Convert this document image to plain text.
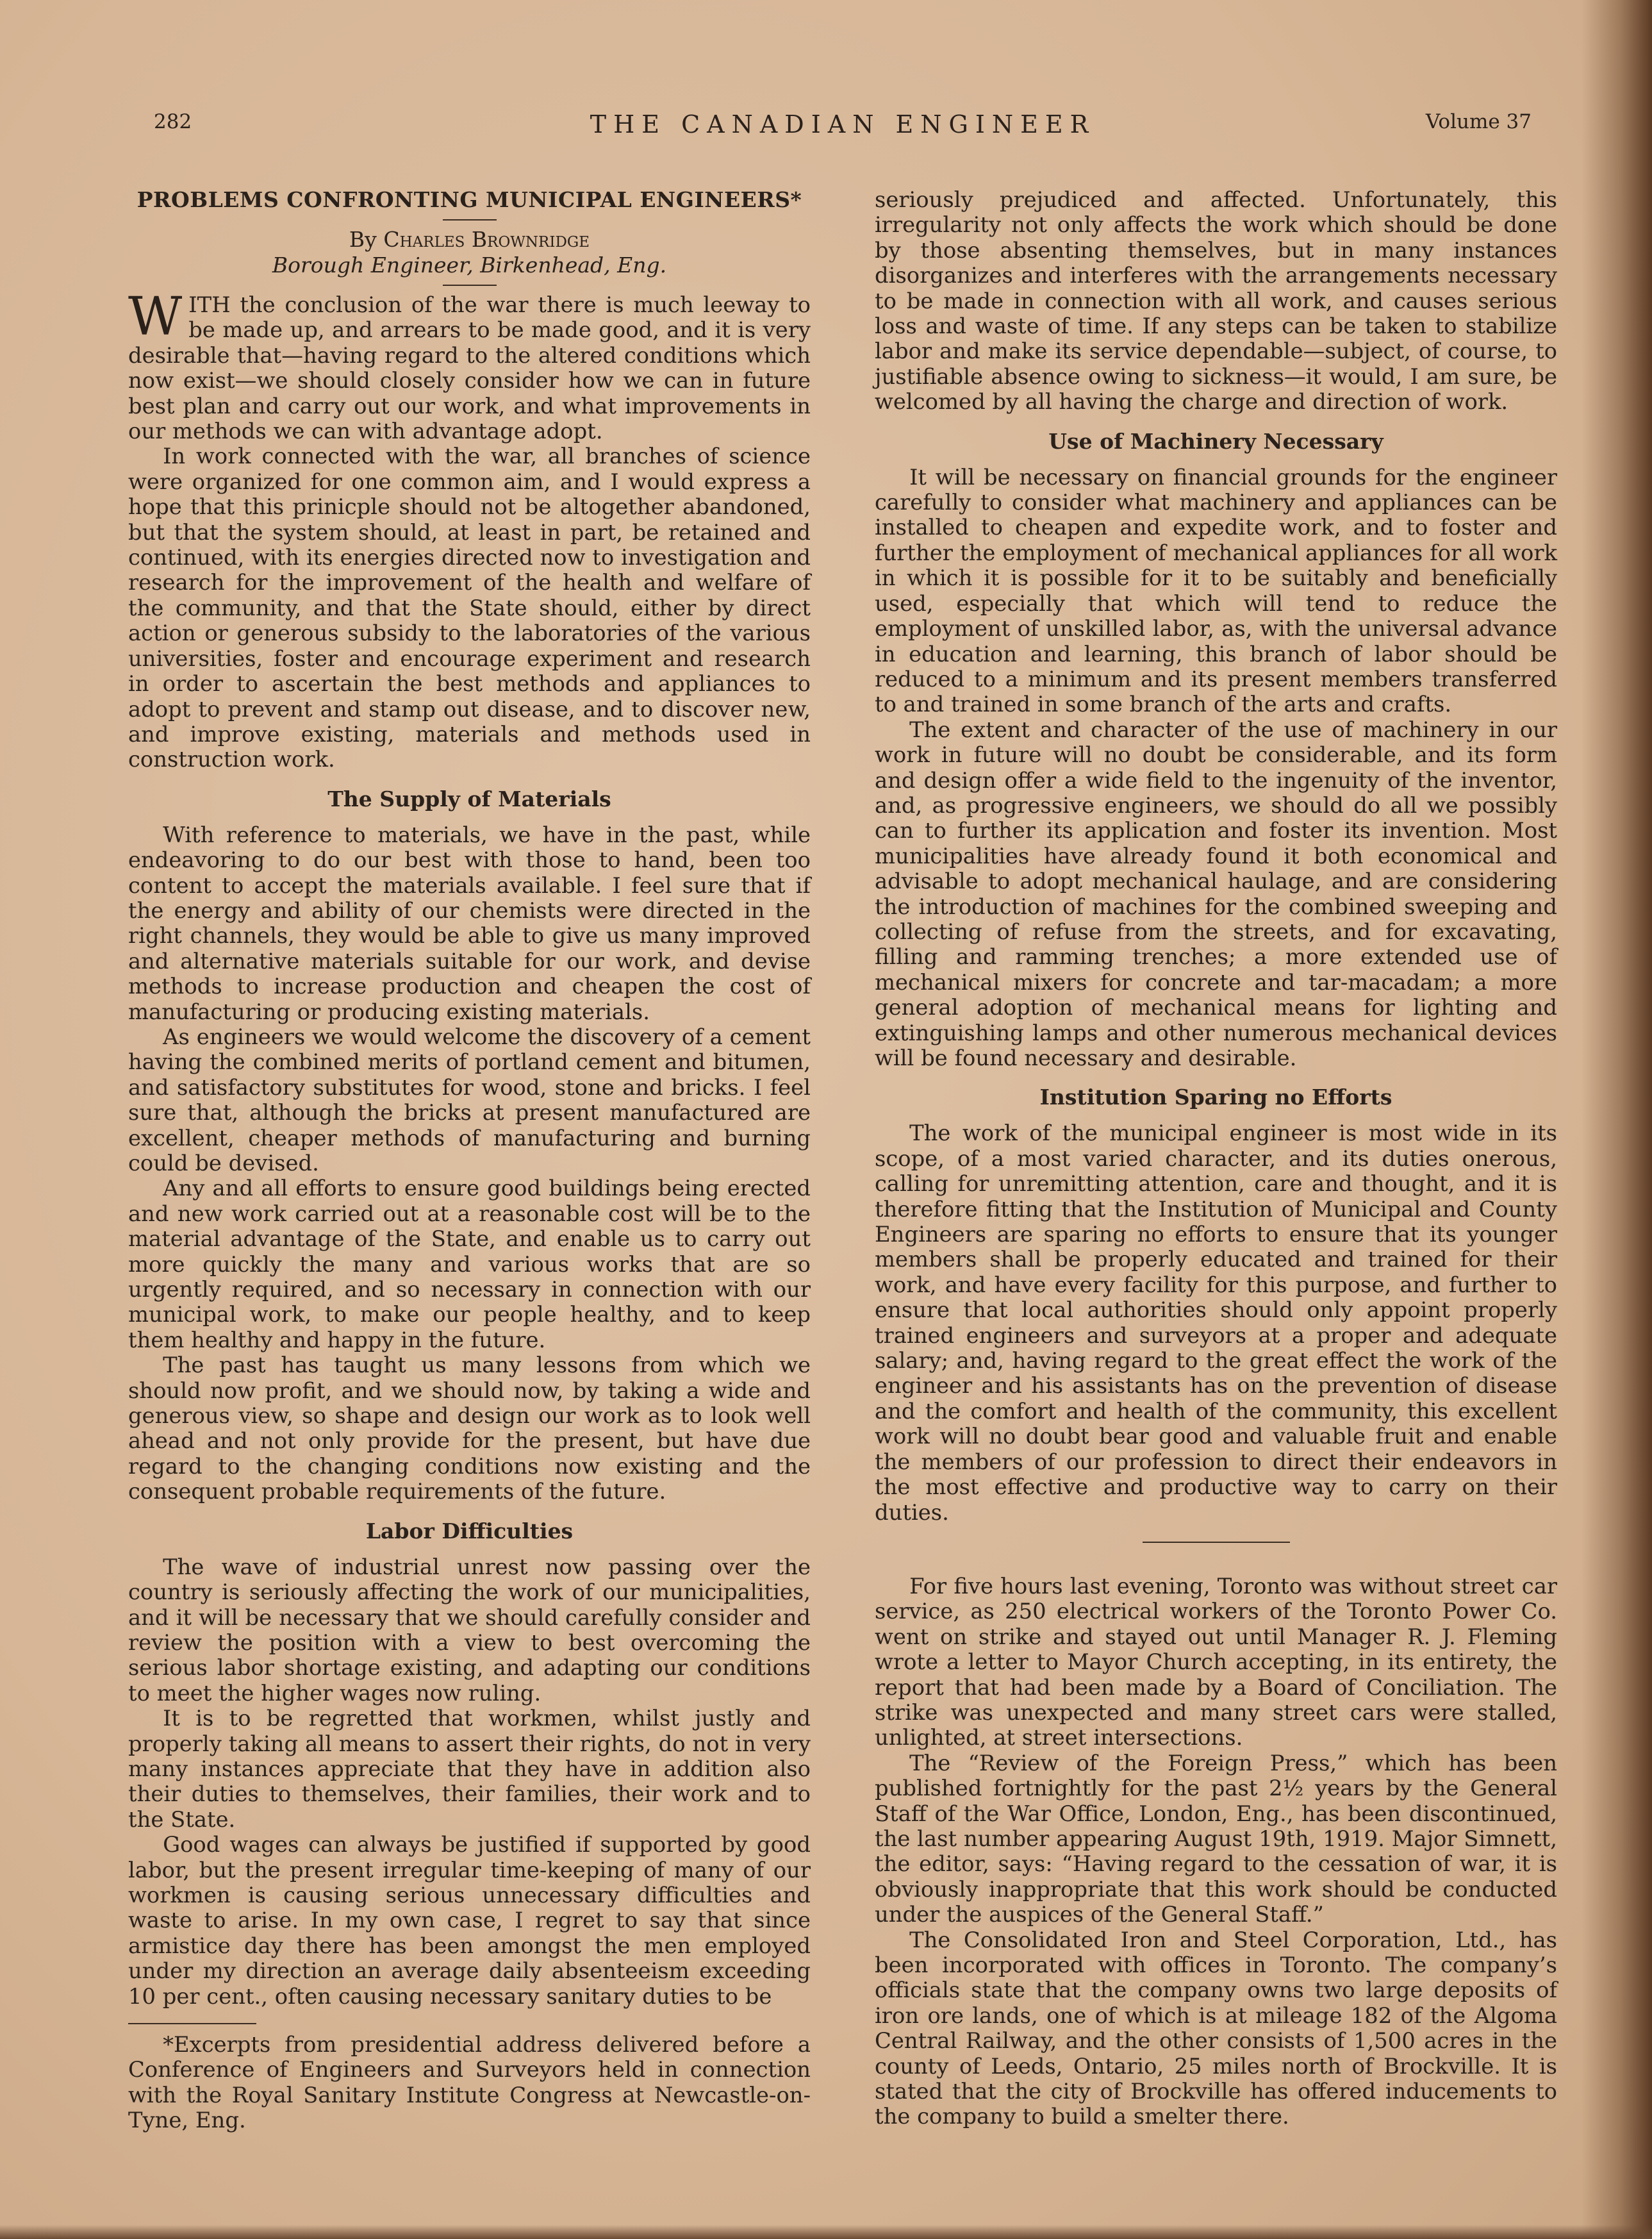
282	THE CANADIAN ENGINEER	Volume 37
PROBLEMS CONFRONTING MUNICIPAL ENGINEERS*
By Charles Brownridge
Borough Engineer, Birkenhead, Eng.

WITH the conclusion of the war there is much leeway to be made up, and arrears to be made good, and it is very desirable that—having regard to the altered conditions which now exist—we should closely consider how we can in future best plan and carry out our work, and what improvements in our methods we can with advantage adopt.

In work connected with the war, all branches of science were organized for one common aim, and I would express a hope that this prinicple should not be altogether abandoned, but that the system should, at least in part, be retained and continued, with its energies directed now to investigation and research for the improvement of the health and welfare of the community, and that the State should, either by direct action or generous subsidy to the laboratories of the various universities, foster and encourage experiment and research in order to ascertain the best methods and appliances to adopt to prevent and stamp out disease, and to discover new, and improve existing, materials and methods used in construction work.

The Supply of Materials

With reference to materials, we have in the past, while endeavoring to do our best with those to hand, been too content to accept the materials available. I feel sure that if the energy and ability of our chemists were directed in the right channels, they would be able to give us many improved and alternative materials suitable for our work, and devise methods to increase production and cheapen the cost of manufacturing or producing existing materials.

As engineers we would welcome the discovery of a cement having the combined merits of portland cement and bitumen, and satisfactory substitutes for wood, stone and bricks. I feel sure that, although the bricks at present manufactured are excellent, cheaper methods of manufacturing and burning could be devised.

Any and all efforts to ensure good buildings being erected and new work carried out at a reasonable cost will be to the material advantage of the State, and enable us to carry out more quickly the many and various works that are so urgently required, and so necessary in connection with our municipal work, to make our people healthy, and to keep them healthy and happy in the future.

The past has taught us many lessons from which we should now profit, and we should now, by taking a wide and generous view, so shape and design our work as to look well ahead and not only provide for the present, but have due regard to the changing conditions now existing and the consequent probable requirements of the future.

Labor Difficulties

The wave of industrial unrest now passing over the country is seriously affecting the work of our municipalities, and it will be necessary that we should carefully consider and review the position with a view to best overcoming the serious labor shortage existing, and adapting our conditions to meet the higher wages now ruling.

It is to be regretted that workmen, whilst justly and properly taking all means to assert their rights, do not in very many instances appreciate that they have in addition also their duties to themselves, their families, their work and to the State.

Good wages can always be justified if supported by good labor, but the present irregular time-keeping of many of our workmen is causing serious unnecessary difficulties and waste to arise. In my own case, I regret to say that since armistice day there has been amongst the men employed under my direction an average daily absenteeism exceeding 10 per cent., often causing necessary sanitary duties to be

*Excerpts from presidential address delivered before a Conference of Engineers and Surveyors held in connection with the Royal Sanitary Institute Congress at Newcastle-on-Tyne, Eng.

seriously prejudiced and affected. Unfortunately, this irregularity not only affects the work which should be done by those absenting themselves, but in many instances disorganizes and interferes with the arrangements necessary to be made in connection with all work, and causes serious loss and waste of time. If any steps can be taken to stabilize labor and make its service dependable—subject, of course, to justifiable absence owing to sickness—it would, I am sure, be welcomed by all having the charge and direction of work.

Use of Machinery Necessary

It will be necessary on financial grounds for the engineer carefully to consider what machinery and appliances can be installed to cheapen and expedite work, and to foster and further the employment of mechanical appliances for all work in which it is possible for it to be suitably and beneficially used, especially that which will tend to reduce the employment of unskilled labor, as, with the universal advance in education and learning, this branch of labor should be reduced to a minimum and its present members transferred to and trained in some branch of the arts and crafts.

The extent and character of the use of machinery in our work in future will no doubt be considerable, and its form and design offer a wide field to the ingenuity of the inventor, and, as progressive engineers, we should do all we possibly can to further its application and foster its invention. Most municipalities have already found it both economical and advisable to adopt mechanical haulage, and are considering the introduction of machines for the combined sweeping and collecting of refuse from the streets, and for excavating, filling and ramming trenches; a more extended use of mechanical mixers for concrete and tar-macadam; a more general adoption of mechanical means for lighting and extinguishing lamps and other numerous mechanical devices will be found necessary and desirable.

Institution Sparing no Efforts

The work of the municipal engineer is most wide in its scope, of a most varied character, and its duties onerous, calling for unremitting attention, care and thought, and it is therefore fitting that the Institution of Municipal and County Engineers are sparing no efforts to ensure that its younger members shall be properly educated and trained for their work, and have every facility for this purpose, and further to ensure that local authorities should only appoint properly trained engineers and surveyors at a proper and adequate salary; and, having regard to the great effect the work of the engineer and his assistants has on the prevention of disease and the comfort and health of the community, this excellent work will no doubt bear good and valuable fruit and enable the members of our profession to direct their endeavors in the most effective and productive way to carry on their duties.

For five hours last evening, Toronto was without street car service, as 250 electrical workers of the Toronto Power Co. went on strike and stayed out until Manager R. J. Fleming wrote a letter to Mayor Church accepting, in its entirety, the report that had been made by a Board of Conciliation. The strike was unexpected and many street cars were stalled, unlighted, at street intersections.

The “Review of the Foreign Press,” which has been published fortnightly for the past 2½ years by the General Staff of the War Office, London, Eng., has been discontinued, the last number appearing August 19th, 1919. Major Simnett, the editor, says: “Having regard to the cessation of war, it is obviously inappropriate that this work should be conducted under the auspices of the General Staff.”

The Consolidated Iron and Steel Corporation, Ltd., has been incorporated with offices in Toronto. The company’s officials state that the company owns two large deposits of iron ore lands, one of which is at mileage 182 of the Algoma Central Railway, and the other consists of 1,500 acres in the county of Leeds, Ontario, 25 miles north of Brockville. It is stated that the city of Brockville has offered inducements to the company to build a smelter there.
